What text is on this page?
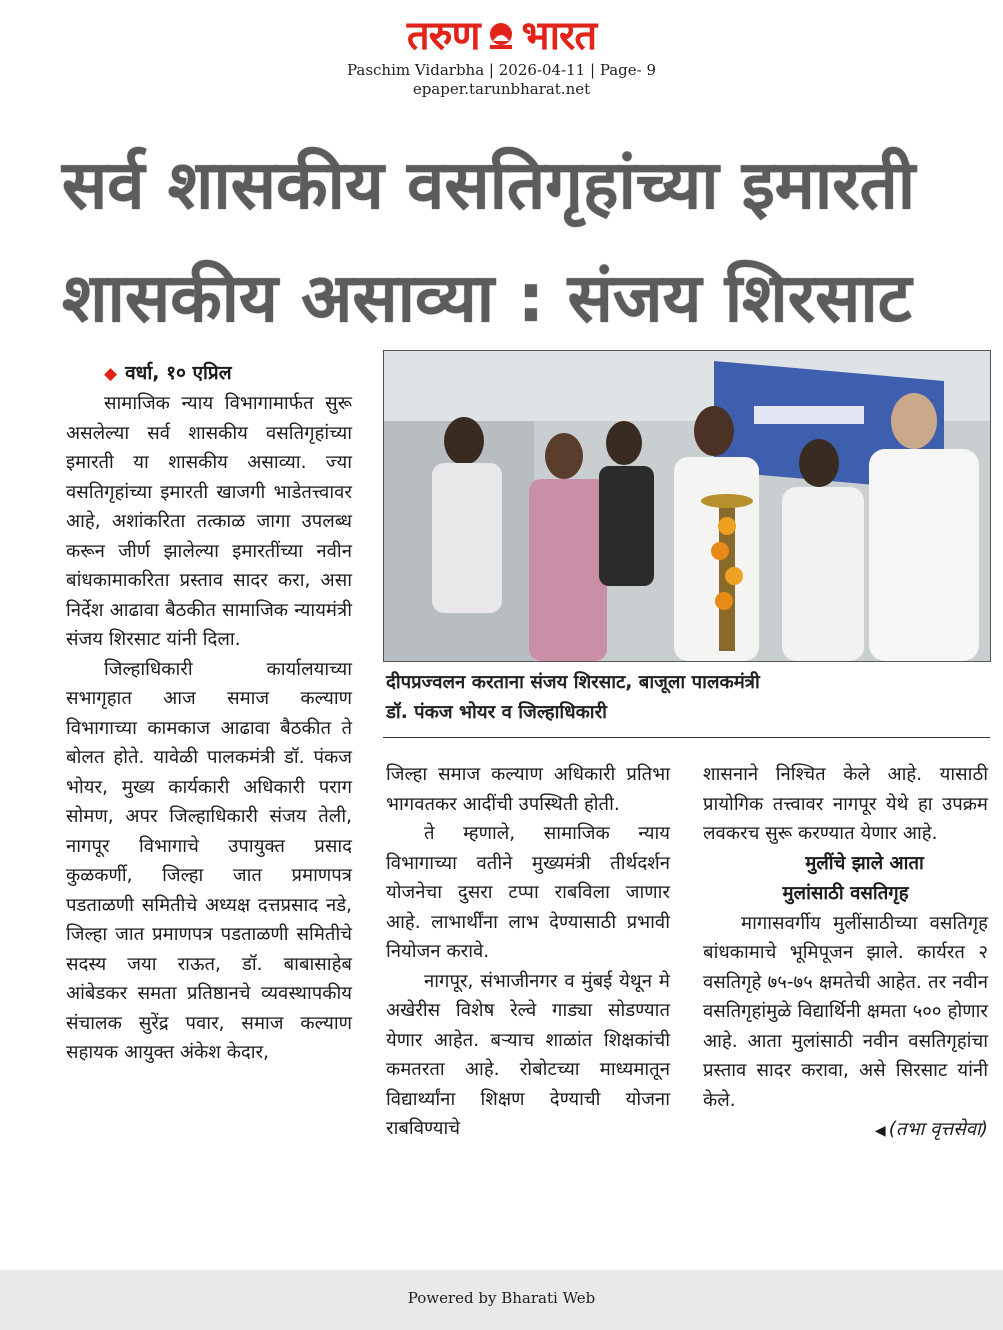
तरुण भारत
Paschim Vidarbha | 2026-04-11 | Page- 9
epaper.tarunbharat.net
सर्व शासकीय वसतिगृहांच्या इमारती
शासकीय असाव्या : संजय शिरसाट

◆ वर्धा, १० एप्रिल

सामाजिक न्याय विभागामार्फत सुरू असलेल्या सर्व शासकीय वसतिगृहांच्या इमारती या शासकीय असाव्या. ज्या वसतिगृहांच्या इमारती खाजगी भाडेतत्त्वावर आहे, अशांकरिता तत्काळ जागा उपलब्ध करून जीर्ण झालेल्या इमारतींच्या नवीन बांधकामाकरिता प्रस्ताव सादर करा, असा निर्देश आढावा बैठकीत सामाजिक न्यायमंत्री संजय शिरसाट यांनी दिला.

जिल्हाधिकारी कार्यालयाच्या सभागृहात आज समाज कल्याण विभागाच्या कामकाज आढावा बैठकीत ते बोलत होते. यावेळी पालकमंत्री डॉ. पंकज भोयर, मुख्य कार्यकारी अधिकारी पराग सोमण, अपर जिल्हाधिकारी संजय तेली, नागपूर विभागाचे उपायुक्त प्रसाद कुळकर्णी, जिल्हा जात प्रमाणपत्र पडताळणी समितीचे अध्यक्ष दत्तप्रसाद नडे, जिल्हा जात प्रमाणपत्र पडताळणी समितीचे सदस्य जया राऊत, डॉ. बाबासाहेब आंबेडकर समता प्रतिष्ठानचे व्यवस्थापकीय संचालक सुरेंद्र पवार, समाज कल्याण सहायक आयुक्त अंकेश केदार,

दीपप्रज्वलन करताना संजय शिरसाट, बाजूला पालकमंत्री
डॉ. पंकज भोयर व जिल्हाधिकारी

जिल्हा समाज कल्याण अधिकारी प्रतिभा भागवतकर आदींची उपस्थिती होती.

ते म्हणाले, सामाजिक न्याय विभागाच्या वतीने मुख्यमंत्री तीर्थदर्शन योजनेचा दुसरा टप्पा राबविला जाणार आहे. लाभार्थींना लाभ देण्यासाठी प्रभावी नियोजन करावे.

नागपूर, संभाजीनगर व मुंबई येथून मे अखेरीस विशेष रेल्वे गाड्या सोडण्यात येणार आहेत. बऱ्याच शाळांत शिक्षकांची कमतरता आहे. रोबोटच्या माध्यमातून विद्यार्थ्यांना शिक्षण देण्याची योजना राबविण्याचे

शासनाने निश्चित केले आहे. यासाठी प्रायोगिक तत्त्वावर नागपूर येथे हा उपक्रम लवकरच सुरू करण्यात येणार आहे.

मुलींचे झाले आता
मुलांसाठी वसतिगृह

मागासवर्गीय मुलींसाठीच्या वसतिगृह बांधकामाचे भूमिपूजन झाले. कार्यरत २ वसतिगृहे ७५-७५ क्षमतेची आहेत. तर नवीन वसतिगृहांमुळे विद्यार्थिनी क्षमता ५०० होणार आहे. आता मुलांसाठी नवीन वसतिगृहांचा प्रस्ताव सादर करावा, असे सिरसाट यांनी केले.

◀ (तभा वृत्तसेवा)

Powered by Bharati Web
